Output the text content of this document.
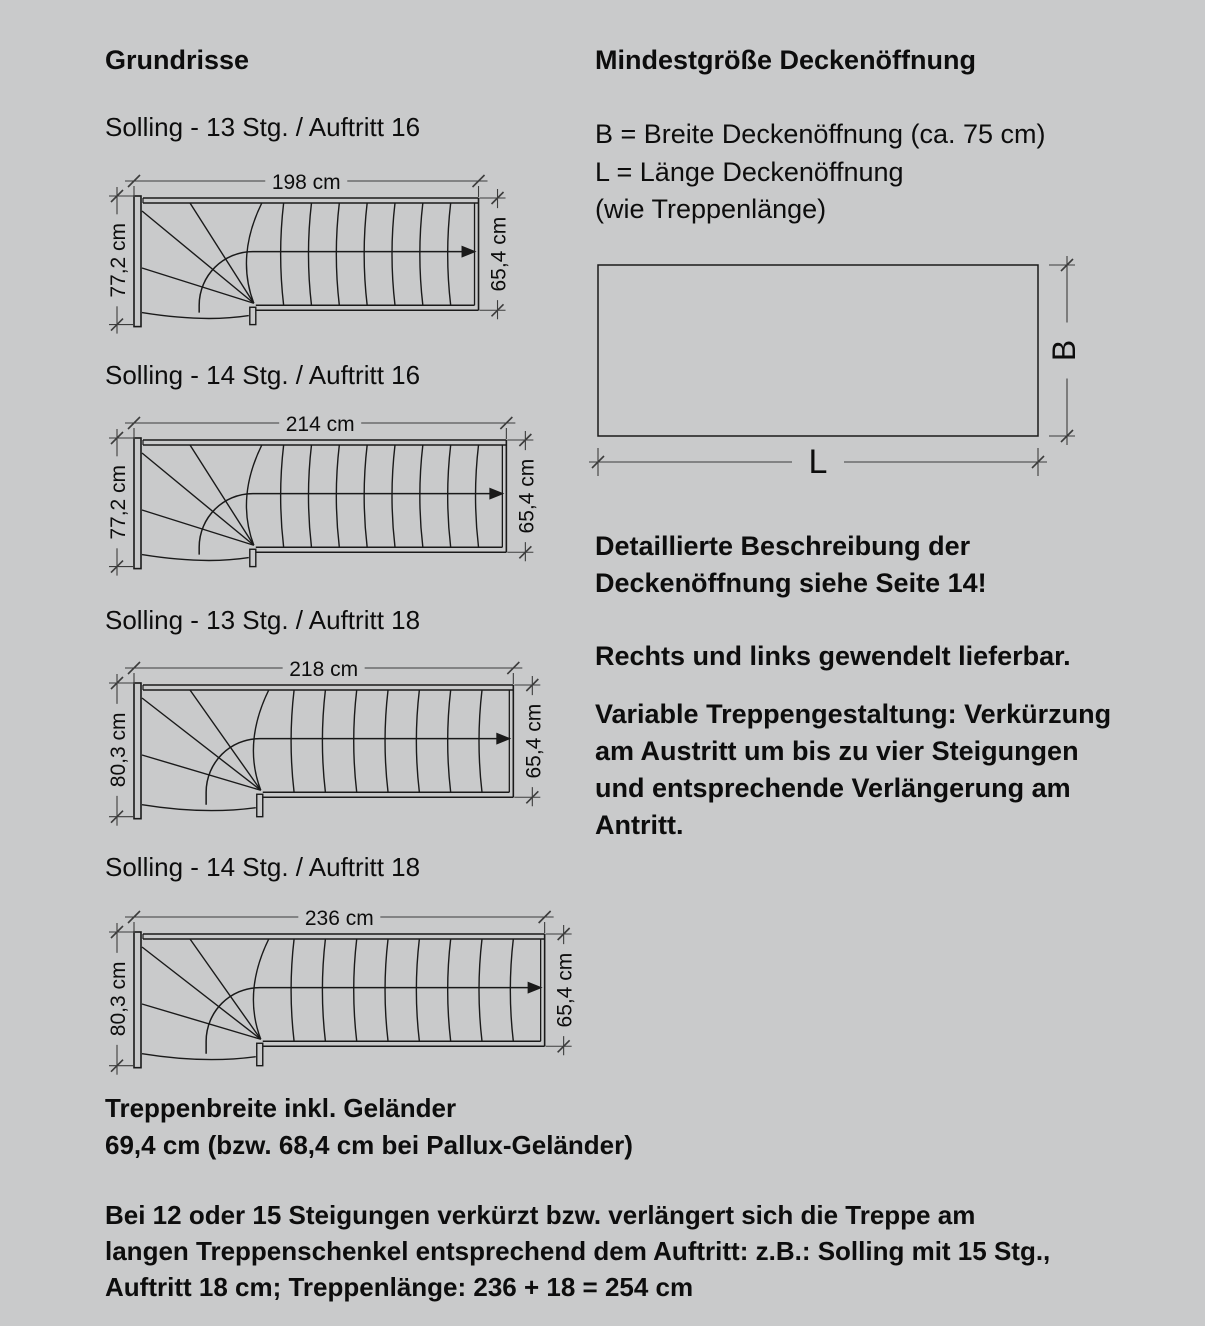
Grundrisse	Mindestgröße Deckenöffnung
Solling - 13 Stg. / Auftritt 16
Solling - 14 Stg. / Auftritt 16
Solling - 13 Stg. / Auftritt 18
Solling - 14 Stg. / Auftritt 18
198 cm
77,2 cm	65,4 cm
214 cm
77,2 cm	65,4 cm
218 cm
80,3 cm	65,4 cm
236 cm
80,3 cm	65,4 cm
B = Breite Deckenöffnung (ca. 75 cm)
L = Länge Deckenöffnung
(wie Treppenlänge)
B
L
Detaillierte Beschreibung der
Deckenöffnung siehe Seite 14!
Rechts und links gewendelt lieferbar.
Variable Treppengestaltung: Verkürzung
am Austritt um bis zu vier Steigungen
und entsprechende Verlängerung am
Antritt.
Treppenbreite inkl. Geländer
69,4 cm (bzw. 68,4 cm bei Pallux-Geländer)
Bei 12 oder 15 Steigungen verkürzt bzw. verlängert sich die Treppe am
langen Treppenschenkel entsprechend dem Auftritt: z.B.: Solling mit 15 Stg.,
Auftritt 18 cm; Treppenlänge: 236 + 18 = 254 cm
